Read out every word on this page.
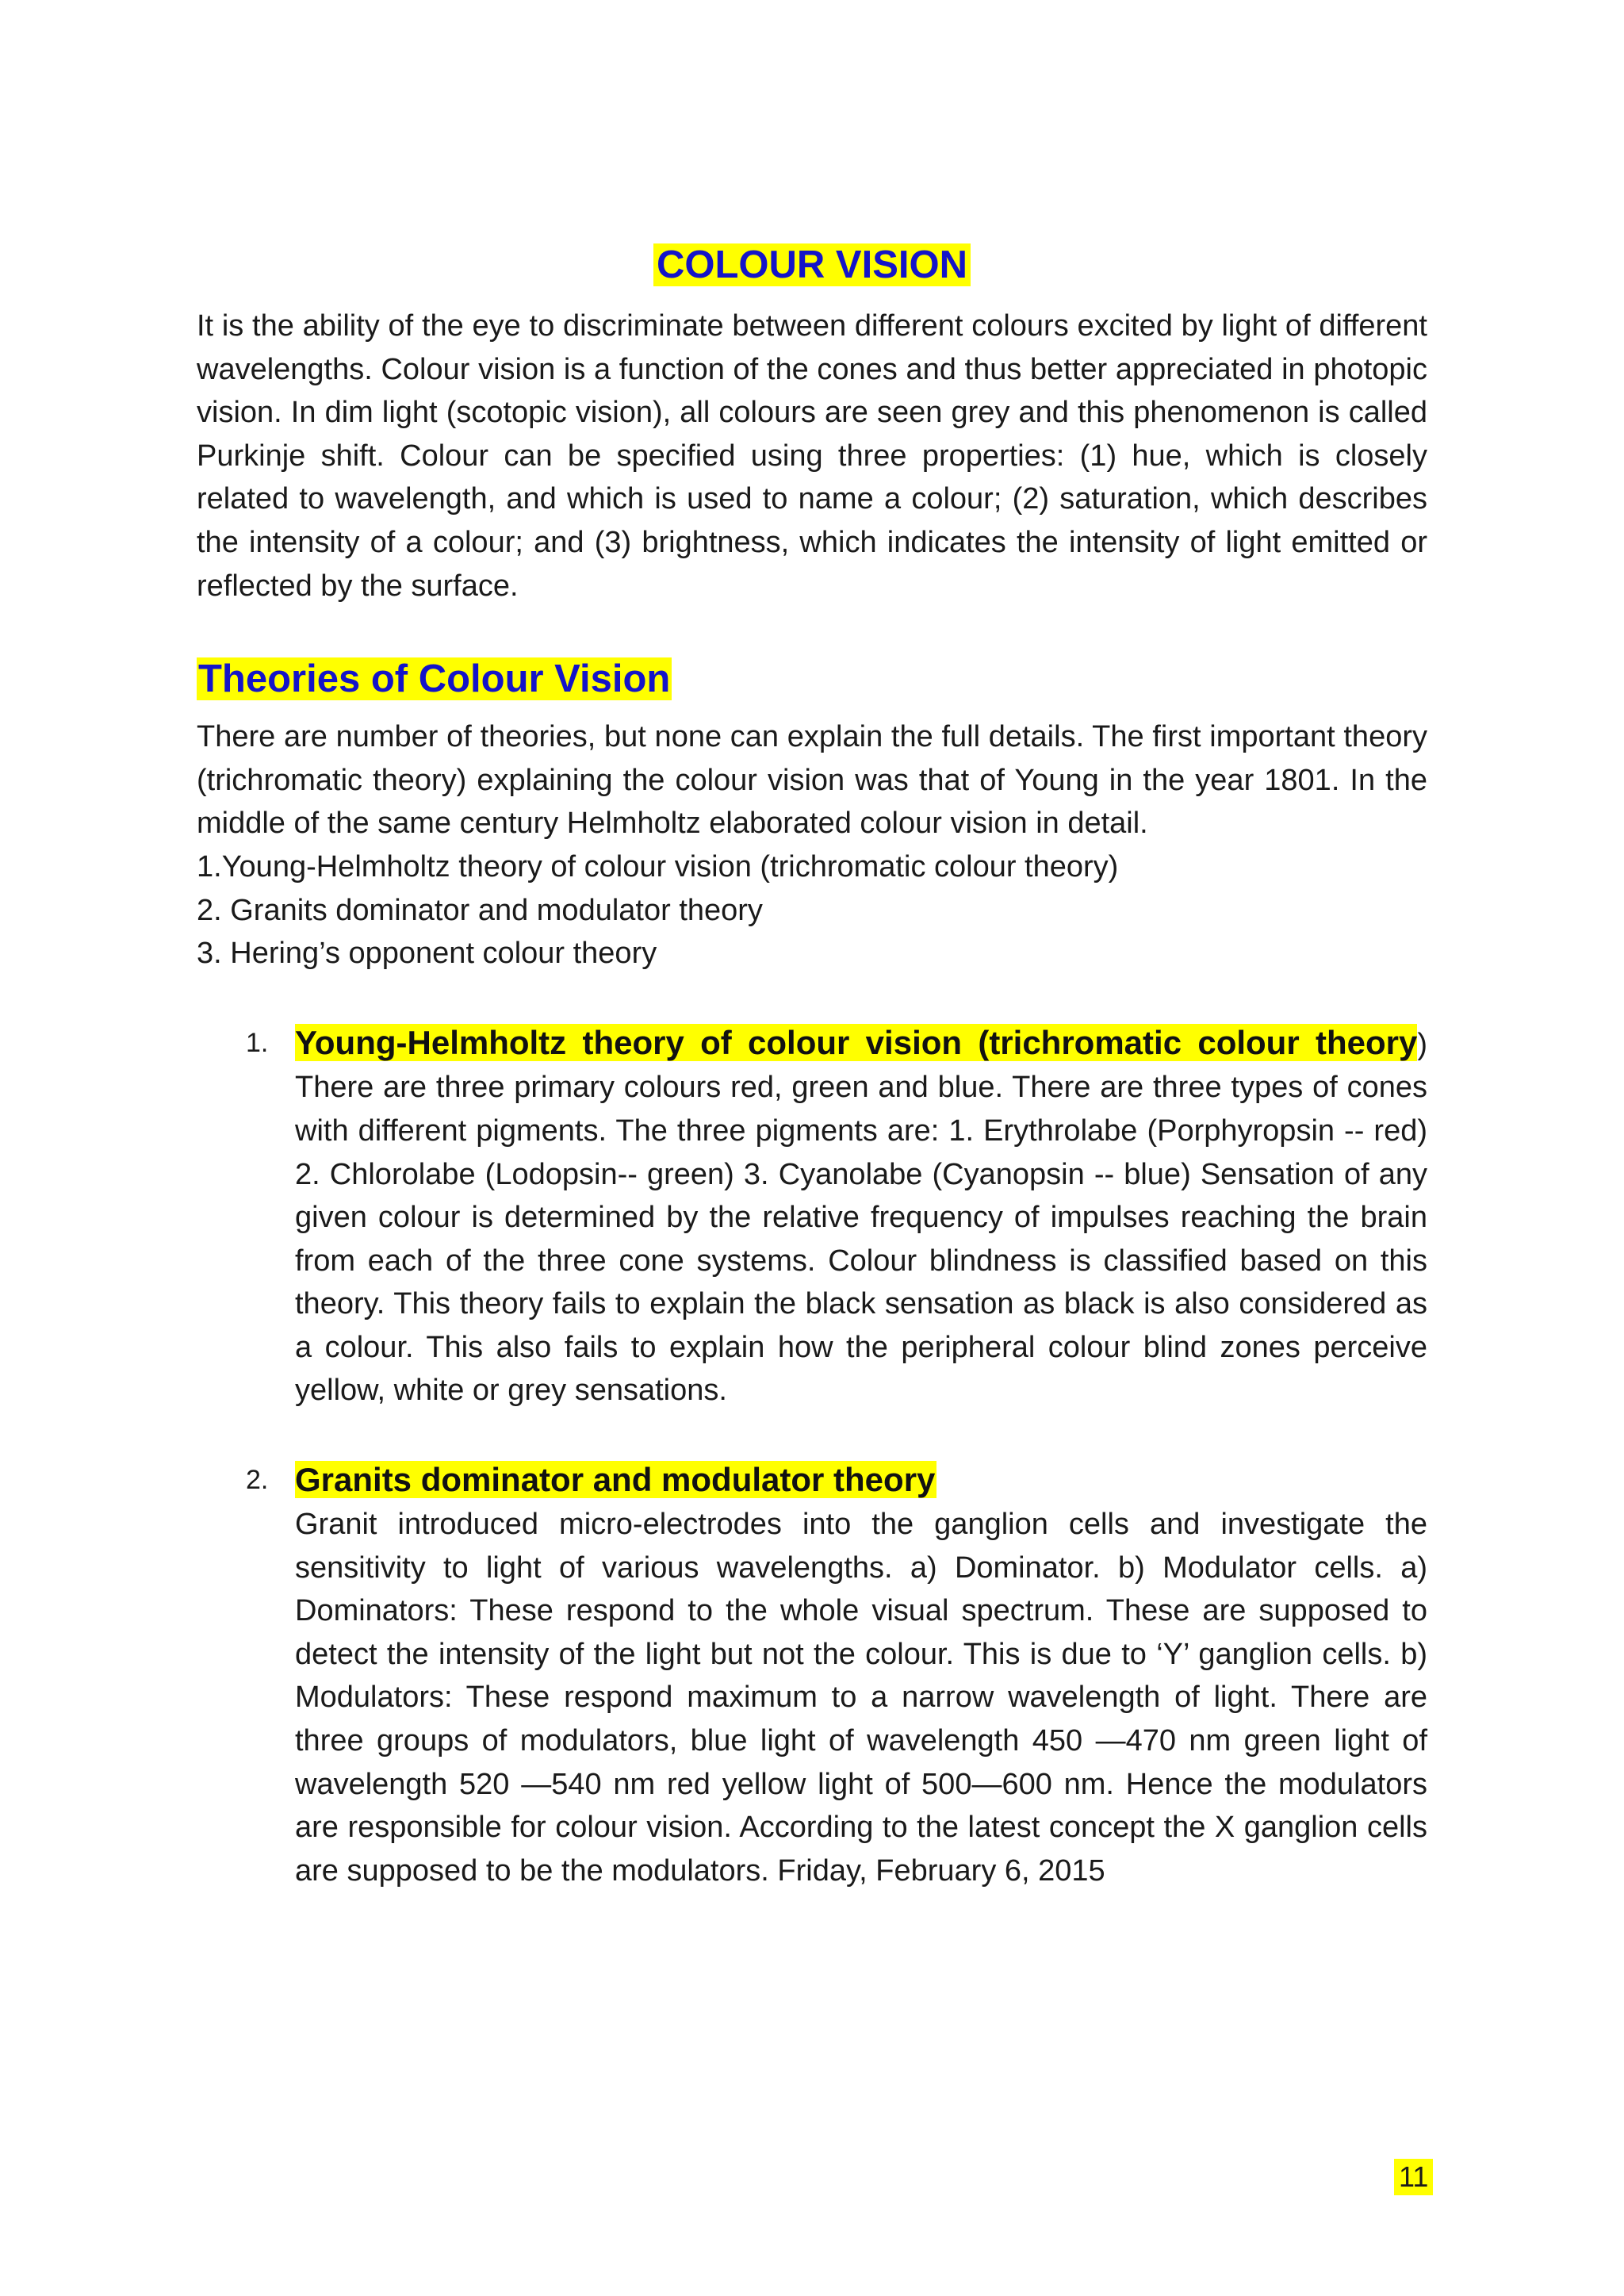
COLOUR VISION

It is the ability of the eye to discriminate between different colours excited by light of different wavelengths. Colour vision is a function of the cones and thus better appreciated in photopic vision. In dim light (scotopic vision), all colours are seen grey and this phenomenon is called Purkinje shift. Colour can be specified using three properties: (1) hue, which is closely related to wavelength, and which is used to name a colour; (2) saturation, which describes the intensity of a colour; and (3) brightness, which indicates the intensity of light emitted or reflected by the surface.

Theories of Colour Vision

There are number of theories, but none can explain the full details. The first important theory (trichromatic theory) explaining the colour vision was that of Young in the year 1801. In the middle of the same century Helmholtz elaborated colour vision in detail.

1.Young-Helmholtz theory of colour vision (trichromatic colour theory)

2. Granits dominator and modulator theory

3. Hering’s opponent colour theory

1. Young-Helmholtz theory of colour vision (trichromatic colour theory) There are three primary colours red, green and blue. There are three types of cones with different pigments. The three pigments are: 1. Erythrolabe (Porphyropsin -- red) 2. Chlorolabe (Lodopsin-- green) 3. Cyanolabe (Cyanopsin -- blue) Sensation of any given colour is determined by the relative frequency of impulses reaching the brain from each of the three cone systems. Colour blindness is classified based on this theory. This theory fails to explain the black sensation as black is also considered as a colour. This also fails to explain how the peripheral colour blind zones perceive yellow, white or grey sensations.

2. Granits dominator and modulator theory

Granit introduced micro-electrodes into the ganglion cells and investigate the sensitivity to light of various wavelengths. a) Dominator. b) Modulator cells. a) Dominators: These respond to the whole visual spectrum. These are supposed to detect the intensity of the light but not the colour. This is due to ‘Y’ ganglion cells. b) Modulators: These respond maximum to a narrow wavelength of light. There are three groups of modulators, blue light of wavelength 450 —470 nm green light of wavelength 520 —540 nm red yellow light of 500—600 nm. Hence the modulators are responsible for colour vision. According to the latest concept the X ganglion cells are supposed to be the modulators. Friday, February 6, 2015

11
